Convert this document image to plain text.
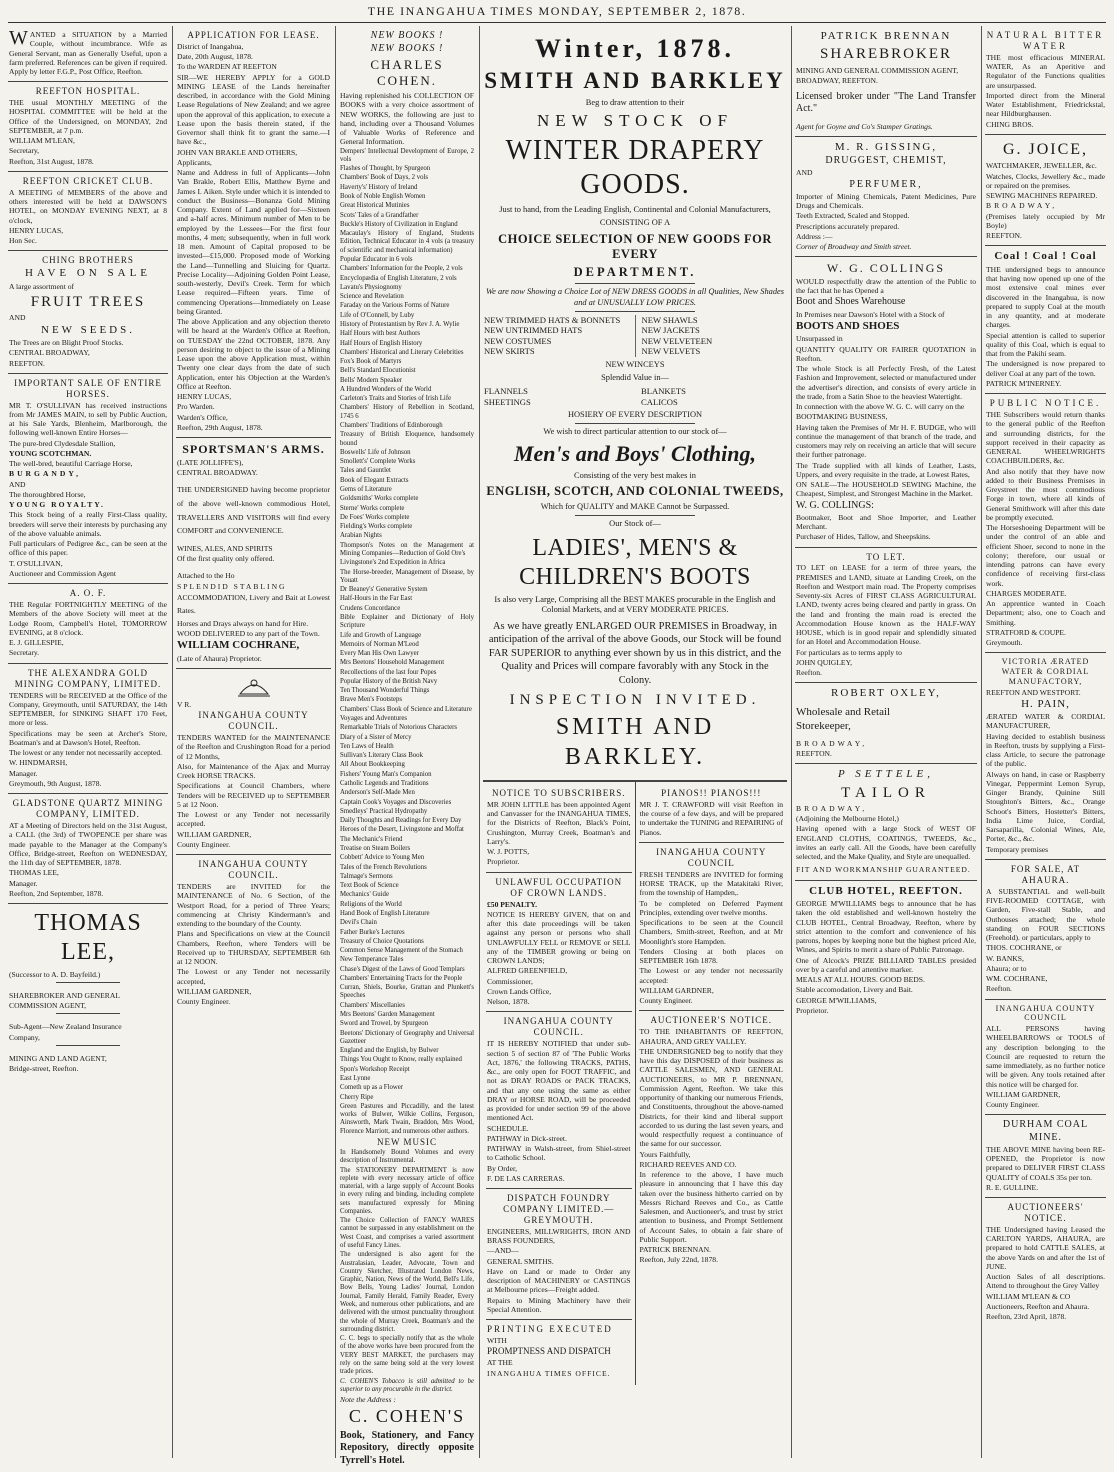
THE INANGAHUA TIMES MONDAY, SEPTEMBER 2, 1878.

WANTED a SITUATION by a Married Couple, without incumbrance. Wife as General Servant, man as Generally Useful, upon a farm preferred. References can be given if required. Apply by letter F.G.P., Post Office, Reefton.

REEFTON HOSPITAL.

THE usual MONTHLY MEETING of the HOSPITAL COMMITTEE will be held at the Office of the Undersigned, on MONDAY, 2nd SEPTEMBER, at 7 p.m.

WILLIAM M'LEAN,

Secretary,

Reefton, 31st August, 1878.

REEFTON CRICKET CLUB.

A MEETING of MEMBERS of the above and others interested will be held at DAWSON'S HOTEL, on MONDAY EVENING NEXT, at 8 o'clock,

HENRY LUCAS,

Hon Sec.

CHING BROTHERS
HAVE ON SALE

A large assortment of

FRUIT TREES

AND

NEW SEEDS.

The Trees are on Blight Proof Stocks.

CENTRAL BROADWAY,

REEFTON.

IMPORTANT SALE OF ENTIRE HORSES.

MR T. O'SULLIVAN has received instructions from Mr JAMES MAIN, to sell by Public Auction, at his Sale Yards, Blenheim, Marlborough, the following well-known Entire Horses—

The pure-bred Clydesdale Stallion,

YOUNG SCOTCHMAN.

The well-bred, beautiful Carriage Horse,

BURGANDY,

AND

The thoroughbred Horse,

YOUNG ROYALTY.

This Stock being of a really First-Class quality, breeders will serve their interests by purchasing any of the above valuable animals.

Full particulars of Pedigree &c., can be seen at the office of this paper.

T. O'SULLIVAN,

Auctioneer and Commission Agent

A. O. F.

THE Regular FORTNIGHTLY MEETING of the Members of the above Society will meet at the Lodge Room, Campbell's Hotel, TOMORROW EVENING, at 8 o'clock.

E. J. GILLESPIE,

Secretary.

THE ALEXANDRA GOLD MINING COMPANY, LIMITED.

TENDERS will be RECEIVED at the Office of the Company, Greymouth, until SATURDAY, the 14th SEPTEMBER, for SINKING SHAFT 170 Feet, more or less.

Specifications may be seen at Archer's Store, Boatman's and at Dawson's Hotel, Reefton.

The lowest or any tender not necessarily accepted.

W. HINDMARSH,

Manager.

Greymouth, 9th August, 1878.

GLADSTONE QUARTZ MINING COMPANY, LIMITED.

AT a Meeting of Directors held on the 31st August, a CALL (the 3rd) of TWOPENCE per share was made payable to the Manager at the Company's Office, Bridge-street, Reefton on WEDNESDAY, the 11th day of SEPTEMBER, 1878.

THOMAS LEE,

Manager.

Reefton, 2nd September, 1878.

THOMAS LEE,

(Successor to A. D. Bayfeild.)

SHAREBROKER AND GENERAL

COMMISSION AGENT,

Sub-Agent—New Zealand Insurance

Company,

MINING AND LAND AGENT,

Bridge-street, Reefton.

APPLICATION FOR LEASE.

District of Inangahua,

Date, 20th August, 1878.

To the WARDEN AT REEFTON

SIR—WE HEREBY APPLY for a GOLD MINING LEASE of the Lands hereinafter described, in accordance with the Gold Mining Lease Regulations of New Zealand; and we agree upon the approval of this application, to execute a Lease upon the basis therein stated, if the Governor shall think fit to grant the same.—I have &c.,

JOHN VAN BRAKLE AND OTHERS,

Applicants,

Name and Address in full of Applicants—John Van Brakle, Robert Ellis, Matthew Byrne and James I. Aiken. Style under which it is intended to conduct the Business—Bonanza Gold Mining Company. Extent of Land applied for—Sixteen and a-half acres. Minimum number of Men to be employed by the Lessees—For the first four months, 4 men; subsequently, when in full work 18 men. Amount of Capital proposed to be invested—£15,000. Proposed mode of Working the Land—Tunnelling and Sluicing for Quartz. Precise Locality—Adjoining Golden Point Lease, south-westerly, Devil's Creek. Term for which Lease required—Fifteen years. Time of commencing Operations—Immediately on Lease being Granted.

The above Application and any objection thereto will be heard at the Warden's Office at Reefton, on TUESDAY the 22nd OCTOBER, 1878. Any person desiring to object to the issue of a Mining Lease upon the above Application must, within Twenty one clear days from the date of such Application, enter his Objection at the Warden's Office at Reefton.

HENRY LUCAS,

Pro Warden.

Warden's Office,

Reefton, 29th August, 1878.

SPORTSMAN'S ARMS.

(LATE JOLLIFFE'S),

CENTRAL BROADWAY.

THE UNDERSIGNED having become proprietor of the above well-known commodious Hotel, TRAVELLERS AND VISITORS will find every COMFORT and CONVENIENCE.

WINES, ALES, AND SPIRITS

Of the first quality only offered.

Attached to the Ho

SPLENDID STABLING

ACCOMMODATION, Livery and Bait at Lowest Rates.

Horses and Drays always on hand for Hire.

WOOD DELIVERED to any part of the Town.

WILLIAM COCHRANE,

(Late of Ahaura) Proprietor.

V R.

INANGAHUA COUNTY COUNCIL.

TENDERS WANTED for the MAINTENANCE of the Reefton and Crushington Road for a period of 12 Months,

Also, for Maintenance of the Ajax and Murray Creek HORSE TRACKS.

Specifications at Council Chambers, where Tenders will be RECEIVED up to SEPTEMBER 5 at 12 Noon.

The Lowest or any Tender not necessarily accepted.

WILLIAM GARDNER,

County Engineer.

INANGAHUA COUNTY COUNCIL.

TENDERS are INVITED for the MAINTENANCE of No. 6 Section, of the Westport Road, for a period of Three Years; commencing at Christy Kindermann's and extending to the boundary of the County.

Plans and Specifications on view at the Council Chambers, Reefton, where Tenders will be Received up to THURSDAY, SEPTEMBER 6th at 12 NOON.

The Lowest or any Tender not necessarily accepted,

WILLIAM GARDNER,

County Engineer.

NEW BOOKS !
NEW BOOKS !
CHARLES COHEN.

Having replenished his COLLECTION OF BOOKS with a very choice assortment of NEW WORKS, the following are just to hand, including over a Thousand Volumes of Valuable Works of Reference and General Information.

Dempers' Intellectual Development of Europe, 2 vols

Flashes of Thought, by Spurgeon

Chambers' Book of Days, 2 vols

Haverty's' History of Ireland

Book of Noble English Women

Great Historical Mutinies

Scots' Tales of a Grandfather

Buckle's History of Civilization in England

Macaulay's History of England, Students Edition, Technical Educator in 4 vols (a treasury of scientific and mechanical information)

Popular Educator in 6 vols

Chambers' Information for the People, 2 vols

Encyclopædia of English Literature, 2 vols

Lavatu's Physiognomy

Science and Revelation

Faraday on the Various Forms of Nature

Life of O'Connell, by Luby

History of Protestantism by Rev J. A. Wylie

Half Hours with best Authors

Half Hours of English History

Chambers' Historical and Literary Celebrities

Fox's Book of Martyrs

Bell's Standard Elocutionist

Bells' Modern Speaker

A Hundred Wonders of the World

Carleton's Traits and Stories of Irish Life

Chambers' History of Rebellion in Scotland, 1745 6

Chambers' Traditions of Edinborough

Treasury of British Eloquence, handsomely bound

Boswells' Life of Johnson

Smollett's' Complete Works

Tales and Gauntlet

Book of Elegant Extracts

Gems of Literature

Goldsmiths' Works complete

Sterne' Works complete

De Foes' Works complete

Fielding's Works complete

Arabian Nights

Thompson's Notes on the Management at Mining Companies—Reduction of Gold Ore's

Livingstone's 2nd Expedition in Africa

The Horse-breeder, Management of Disease, by Youatt

Dr Beaney's' Generative System

Half-Hours in the Far East

Crudens Concordance

Bible Explainer and Dictionary of Holy Scripture

Life and Growth of Language

Memoirs of Norman M'Leod

Every Man His Own Lawyer

Mrs Beetons' Household Management

Recollections of the last four Popes

Popular History of the British Navy

Ten Thousand Wonderful Things

Brave Men's Footsteps

Chambers' Class Book of Science and Literature

Voyages and Adventures

Remarkable Trials of Notorious Characters

Diary of a Sister of Mercy

Ten Laws of Health

Sullivan's Literary Class Book

All About Bookkeeping

Fishers' Young Man's Companion

Catholic Legends and Traditions

Anderson's Self-Made Men

Captain Cook's Voyages and Discoveries

Smedleys' Practical Hydropathy

Daily Thoughts and Readings for Every Day

Heroes of the Desert, Livingstone and Moffat

The Mechanic's Friend

Treatise on Steam Boilers

Cobbett' Advice to Young Men

Tales of the French Revolutions

Talmage's Sermons

Text Book of Science

Mechanics' Guide

Religions of the World

Hand Book of English Literature

Devil's Chain

Father Burke's Lectures

Treasury of Choice Quotations

Common Sense Management of the Stomach

New Temperance Tales

Chase's Digest of the Laws of Good Templars

Chambers' Entertaining Tracts for the People

Curran, Shiels, Bourke, Grattan and Plunkett's Speeches

Chambers' Miscellanies

Mrs Beetons' Garden Management

Sword and Trowel, by Spurgeon

Beetons' Dictionary of Geography and Universal Gazetteer

England and the English, by Bulwer

Things You Ought to Know, really explained

Spon's Workshop Receipt

East Lynne

Cometh up as a Flower

Cherry Ripe

Green Pastures and Piccadilly, and the latest works of Bulwer, Wilkie Collins, Ferguson, Ainsworth, Mark Twain, Braddon, Mrs Wood, Florence Marriott, and numerous other authors.

NEW MUSIC

In Handsomely Bound Volumes and every description of Instrumental.

The STATIONERY DEPARTMENT is now replete with every necessary article of office material, with a large supply of Account Books in every ruling and binding, including complete sets manufactured expressly for Mining Companies.

The Choice Collection of FANCY WARES cannot be surpassed in any establishment on the West Coast, and comprises a varied assortment of useful Fancy Lines.

The undersigned is also agent for the Australasian, Leader, Advocate, Town and Country Sketcher, Illustrated London News, Graphic, Nation, News of the World, Bell's Life, Bow Bells, Young Ladies' Journal, London Journal, Family Herald, Family Reader, Every Week, and numerous other publications, and are delivered with the utmost punctuality throughout the whole of Murray Creek, Boatman's and the surrounding district.

C. C. begs to specially notify that as the whole of the above works have been procured from the VERY BEST MARKET, the purchasers may rely on the same being sold at the very lowest trade prices.

C. COHEN'S Tobacco is still admitted to be superior to any procurable in the district.

Note the Address :

C. COHEN'S

Book, Stationery, and Fancy Repository, directly opposite Tyrrell's Hotel.

Winter, 1878.
SMITH AND BARKLEY
Beg to draw attention to their
NEW STOCK OF
WINTER DRAPERY GOODS.
Just to hand, from the Leading English, Continental and Colonial Manufacturers,
CONSISTING OF A
CHOICE SELECTION OF NEW GOODS FOR EVERY
DEPARTMENT.
We are now Showing a Choice Lot of NEW DRESS GOODS in all Qualities, New Shades and at UNUSUALLY LOW PRICES.
NEW TRIMMED HATS & BONNETS
NEW UNTRIMMED HATS
NEW COSTUMES
NEW SKIRTS
NEW SHAWLS
NEW JACKETS
NEW VELVETEEN
NEW VELVETS
NEW WINCEYS
Splendid Value in—
FLANNELS
SHEETINGS
BLANKETS
CALICOS
HOSIERY OF EVERY DESCRIPTION
We wish to direct particular attention to our stock of—
Men's and Boys' Clothing,
Consisting of the very best makes in
ENGLISH, SCOTCH, AND COLONIAL TWEEDS,
Which for QUALITY and MAKE Cannot be Surpassed.
Our Stock of—
LADIES', MEN'S & CHILDREN'S BOOTS
Is also very Large, Comprising all the BEST MAKES procurable in the English and Colonial Markets, and at VERY MODERATE PRICES.
As we have greatly ENLARGED OUR PREMISES in Broadway, in anticipation of the arrival of the above Goods, our Stock will be found FAR SUPERIOR to anything ever shown by us in this district, and the Quality and Prices will compare favorably with any Stock in the Colony.
INSPECTION INVITED.
SMITH AND BARKLEY.
NOTICE TO SUBSCRIBERS.

MR JOHN LITTLE has been appointed Agent and Canvasser for the INANGAHUA TIMES, for the Districts of Reefton, Black's Point, Crushington, Murray Creek, Boatman's and Larry's.

W. J. POTTS,

Proprietor.

UNLAWFUL OCCUPATION OF CROWN LANDS.

£50 PENALTY.

NOTICE IS HEREBY GIVEN, that on and after this date proceedings will be taken against any person or persons who shall UNLAWFULLY FELL or REMOVE or SELL any of the TIMBER growing or being on CROWN LANDS;

ALFRED GREENFIELD,

Commissioner,

Crown Lands Office,

Nelson, 1878.

INANGAHUA COUNTY COUNCIL.

IT IS HEREBY NOTIFIED that under sub-section 5 of section 87 of 'The Public Works Act, 1876,' the following TRACKS, PATHS, &c., are only open for FOOT TRAFFIC, and not as DRAY ROADS or PACK TRACKS, and that any one using the same as either DRAY or HORSE ROAD, will be proceeded as provided for under section 99 of the above mentioned Act.

SCHEDULE.

PATHWAY in Dick-street.

PATHWAY in Walsh-street, from Shiel-street to Catholic School.

By Order,

F. DE LAS CARRERAS.

DISPATCH FOUNDRY COMPANY LIMITED.—GREYMOUTH.

ENGINEERS, MILLWRIGHTS, IRON AND BRASS FOUNDERS,

—AND—

GENERAL SMITHS.

Have on Land or made to Order any description of MACHINERY or CASTINGS at Melbourne prices—Freight added.

Repairs to Mining Machinery have their Special Attention.

PRINTING EXECUTED

WITH

PROMPTNESS AND DISPATCH

AT THE

INANGAHUA TIMES OFFICE.

PIANOS!! PIANOS!!!

MR J. T. CRAWFORD will visit Reefton in the course of a few days, and will be prepared to undertake the TUNING and REPAIRING of Pianos.

INANGAHUA COUNTY COUNCIL

FRESH TENDERS are INVITED for forming HORSE TRACK, up the Matakitaki River, from the township of Hampden,.

To be completed on Deferred Payment Principles, extending over twelve months.

Specifications to be seen at the Council Chambers, Smith-street, Reefton, and at Mr Moonlight's store Hampden.

Tenders Closing at both places on SEPTEMBER 16th 1878.

The Lowest or any tender not necessarily accepted:

WILLIAM GARDNER,

County Engineer.

AUCTIONEER'S NOTICE.

TO THE INHABITANTS OF REEFTON, AHAURA, AND GREY VALLEY.

THE UNDERSIGNED beg to notify that they have this day DISPOSED of their business as CATTLE SALESMEN, AND GENERAL AUCTIONEERS, to MR P. BRENNAN, Commission Agent, Reefton. We take this opportunity of thanking our numerous Friends, and Constituents, throughout the above-named Districts, for their kind and liberal support accorded to us during the last seven years, and would respectfully request a continuance of the same for our successor.

Yours Faithfully,

RICHARD REEVES AND CO.

In reference to the above, I have much pleasure in announcing that I have this day taken over the business hitherto carried on by Messrs Richard Reeves and Co., as Cattle Salesmen, and Auctioneer's, and trust by strict attention to business, and Prompt Settlement of Account Sales, to obtain a fair share of Public Support.

PATRICK BRENNAN.

Reefton, July 22nd, 1878.

PATRICK BRENNAN
SHAREBROKER

MINING AND GENERAL COMMISSION AGENT,

BROADWAY, REEFTON.

Licensed broker under "The Land Transfer Act."

Agent for Goyne and Co's Stamper Gratings.

M. R. GISSING,
DRUGGEST, CHEMIST,

AND

PERFUMER,

Importer of Mining Chemicals, Patent Medicines, Pure Drugs and Chemicals.

Teeth Extracted, Scaled and Stopped.

Prescriptions accurately prepared.

Address :—

Corner of Broadway and Smith street.

W. G. COLLINGS

WOULD respectfully draw the attention of the Public to the fact that he has Opened a

Boot and Shoes Warehouse

In Premises near Dawson's Hotel with a Stock of

BOOTS AND SHOES

Unsurpassed in

QUANTITY QUALITY OR FAIRER QUOTATION in Reefton.

The whole Stock is all Perfectly Fresh, of the Latest Fashion and Improvement, selected or manufactured under the advertiser's direction, and consists of every article in the trade, from a Satin Shoe to the heaviest Watertight.

In connection with the above W. G. C. will carry on the

BOOTMAKING BUSINESS,

Having taken the Premises of Mr H. F. BUDGE, who will continue the management of that branch of the trade, and customers may rely on receiving an article that will secure their further patronage.

The Trade supplied with all kinds of Leather, Lasts, Uppers, and every requisite in the trade, at Lowest Rates,

ON SALE—The HOUSEHOLD SEWING Machine, the Cheapest, Simplest, and Strongest Machine in the Market.

W. G. COLLINGS:

Bootmaker, Boot and Shoe Importer, and Leather Merchant.

Purchaser of Hides, Tallow, and Sheepskins.

TO LET.

TO LET on LEASE for a term of three years, the PREMISES and LAND, situate at Landing Creek, on the Reefton and Westport main road. The Property comprises Seventy-six Acres of FIRST CLASS AGRICULTURAL LAND, twenty acres being cleared and partly in grass. On the land and fronting the main road is erected the Accommodation House known as the HALF-WAY HOUSE, which is in good repair and splendidly situated for an Hotel and Accommodation House.

For particulars as to terms apply to

JOHN QUIGLEY,

Reefton.

ROBERT OXLEY,

Wholesale and Retail

Storekeeper,

BROADWAY,

REEFTON.

P SETTELE,
TAILOR

BROADWAY,

(Adjoining the Melbourne Hotel,)

Having opened with a large Stock of WEST OF ENGLAND CLOTHS, COATINGS, TWEEDS, &c., invites an early call. All the Goods, have been carefully selected, and the Make Quality, and Style are unequalled.

FIT AND WORKMANSHIP GUARANTEED.

CLUB HOTEL, REEFTON.

GEORGE M'WILLIAMS begs to announce that he has taken the old established and well-known hostelry the CLUB HOTEL, Central Broadway, Reefton, where by strict attention to the comfort and convenience of his patrons, hopes by keeping none but the highest priced Ale, Wines, and Spirits to merit a share of Public Patronage.

One of Alcock's PRIZE BILLIARD TABLES presided over by a careful and attentive marker.

MEALS AT ALL HOURS. GOOD BEDS.

Stable accomodation, Livery and Bait.

GEORGE M'WILLIAMS,

Proprietor.

NATURAL BITTER WATER

THE most efficacious MINERAL WATER, As an Aperitive and Regulator of the Functions qualities are unsurpassed.

Imported direct from the Mineral Water Establishment, Friedrickstal, near Hildburghausen.

CHING BROS.

G. JOICE,

WATCHMAKER, JEWELLER, &c.

Watches, Clocks, Jewellery &c., made or repaired on the premises.

SEWING MACHINES REPAIRED.

BROADWAY,

(Premises lately occupied by Mr Boyle)

REEFTON.

Coal ! Coal ! Coal

THE undersigned begs to announce that having now opened up one of the most extensive coal mines ever discovered in the Inangahua, is now prepared to supply Coal at the mouth in any quantity, and at moderate charges.

Special attention is called to superior quality of this Coal, which is equal to that from the Pakihi seam.

The undersigned is now prepared to deliver Coal at any part of the town.

PATRICK M'INERNEY.

PUBLIC NOTICE.

THE Subscribers would return thanks to the general public of the Reefton and surrounding districts, for the support received in their capacity as GENERAL WHEELWRIGHTS COACHBUILDERS, &c.

And also notify that they have now added to their Business Premises in Greystreet the most commodious Forge in town, where all kinds of General Smithwork will after this date be promptly executed.

The Horseshoeing Department will be under the control of an able and efficient Shoer, second to none in the colony; therefore, our usual or intending patrons can have every confidence of receiving first-class work.

CHARGES MODERATE.

An apprentice wanted in Coach Department; also, one to Coach and Smithing.

STRATFORD & COUPE.

Greymouth.

VICTORIA ÆRATED WATER & CORDIAL MANUFACTORY,

REEFTON AND WESTPORT.

H. PAIN,

ÆRATED WATER & CORDIAL MANUFACTURER,

Having decided to establish business in Reefton, trusts by supplying a First-class Article, to secure the patronage of the public.

Always on hand, in case or Raspberry Vinegar, Peppermint Lemon Syrup, Ginger Brandy, Quinine Still Stoughton's Bitters, &c., Orange Schoot's Bitters, Hostetter's Bitters, India Lime Juice, Cordial, Sarsaparilla, Colonial Wines, Ale, Porter, &c., &c.

Temporary premises

FOR SALE, AT AHAURA.

A SUBSTANTIAL and well-built FIVE-ROOMED COTTAGE, with Garden, Five-stall Stable, and Outhouses attached; the whole standing on FOUR SECTIONS (Freehold). or particulars, apply to

THOS. COCHRANE, or

W. BANKS,

Ahaura; or to

WM. COCHRANE,

Reefton.

INANGAHUA COUNTY COUNCIL

ALL PERSONS having WHEELBARROWS or TOOLS of any description belonging to the Council are requested to return the same immediately, as no further notice will be given. Any tools retained after this notice will be charged for.

WILLIAM GARDNER,

County Engineer.

DURHAM COAL MINE.

THE ABOVE MINE having been RE-OPENED, the Proprietor is now prepared to DELIVER FIRST CLASS QUALITY of COALS 35s per ton.

R. E. GULLINE.

AUCTIONEERS' NOTICE.

THE Undersigned having Leased the CARLTON YARDS, AHAURA, are prepared to hold CATTLE SALES, at the above Yards on and after the 1st of JUNE.

Auction Sales of all descriptions. Attend to throughout the Grey Valley

WILLIAM M'LEAN & CO

Auctioneers, Reefton and Ahaura.

Reefton, 23rd April, 1878.
